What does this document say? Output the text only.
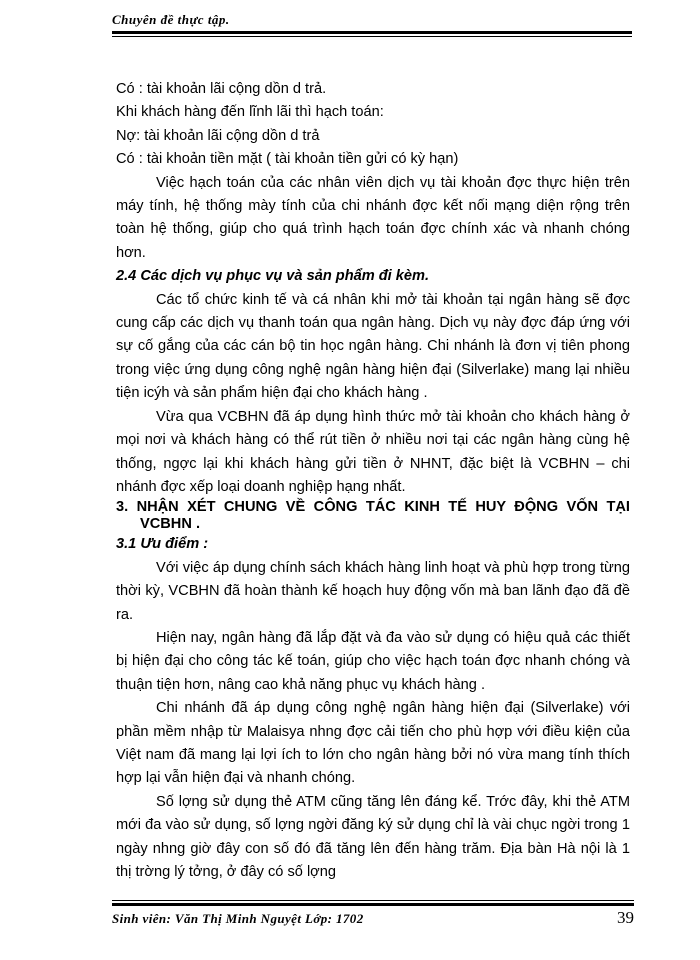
Chuyên đề thực tập.

Có : tài khoản lãi cộng dồn d trả.

Khi khách hàng đến lĩnh lãi thì hạch toán:

Nợ: tài khoản lãi cộng dồn d trả

Có : tài khoản tiền mặt ( tài khoản tiền gửi có kỳ hạn)

Việc hạch toán của các nhân viên dịch vụ tài khoản đợc thực hiện trên máy tính, hệ thống mày tính của chi nhánh đợc kết nối mạng diện rộng trên toàn hệ thống, giúp cho quá trình hạch toán đợc chính xác và nhanh chóng hơn.

2.4 Các dịch vụ phục vụ và sản phẩm đi kèm.

Các tổ chức kinh tế và cá nhân khi mở tài khoản tại ngân hàng sẽ đợc cung cấp các dịch vụ thanh toán qua ngân hàng. Dịch vụ này đợc đáp ứng với sự cố gắng của các cán bộ tin học ngân hàng. Chi nhánh là đơn vị tiên phong trong việc ứng dụng công nghệ ngân hàng hiện đại (Silverlake) mang lại nhiều tiện icýh và sản phẩm hiện đại cho khách hàng .

Vừa qua VCBHN đã áp dụng hình thức mở tài khoản cho khách hàng ở mọi nơi và khách hàng có thể rút tiền ở nhiều nơi tại các ngân hàng cùng hệ thống, ngợc lại khi khách hàng gửi tiền ở NHNT, đặc biệt là VCBHN – chi nhánh đợc xếp loại doanh nghiệp hạng nhất.

3. NHẬN XÉT CHUNG VỀ CÔNG TÁC KINH TẾ HUY ĐỘNG VỐN TẠI VCBHN .

3.1 Ưu điểm :

Với việc áp dụng chính sách khách hàng linh hoạt và phù hợp trong từng thời kỳ, VCBHN đã hoàn thành kế hoạch huy động vốn mà ban lãnh đạo đã đề ra.

Hiện nay, ngân hàng đã lắp đặt và đa vào sử dụng có hiệu quả các thiết bị hiện đại cho công tác kế toán, giúp cho việc hạch toán đợc nhanh chóng và thuận tiện hơn, nâng cao khả năng phục vụ khách hàng .

Chi nhánh đã áp dụng công nghệ ngân hàng hiện đại (Silverlake) với phần mềm nhập từ Malaisya nhng đợc cải tiến cho phù hợp với điều kiện của Việt nam đã mang lại lợi ích to lớn cho ngân hàng bởi nó vừa mang tính thích hợp lại vẫn hiện đại và nhanh chóng.

Số lợng sử dụng thẻ ATM cũng tăng lên đáng kể. Trớc đây, khi thẻ ATM mới đa vào sử dụng, số lợng ngời đăng ký sử dụng chỉ là vài chục ngời trong 1 ngày nhng giờ đây con số đó đã tăng lên đến hàng trăm. Địa bàn Hà nội là 1 thị trờng lý tởng, ở đây có số lợng

Sinh viên: Văn Thị Minh Nguyệt Lớp: 1702	39
